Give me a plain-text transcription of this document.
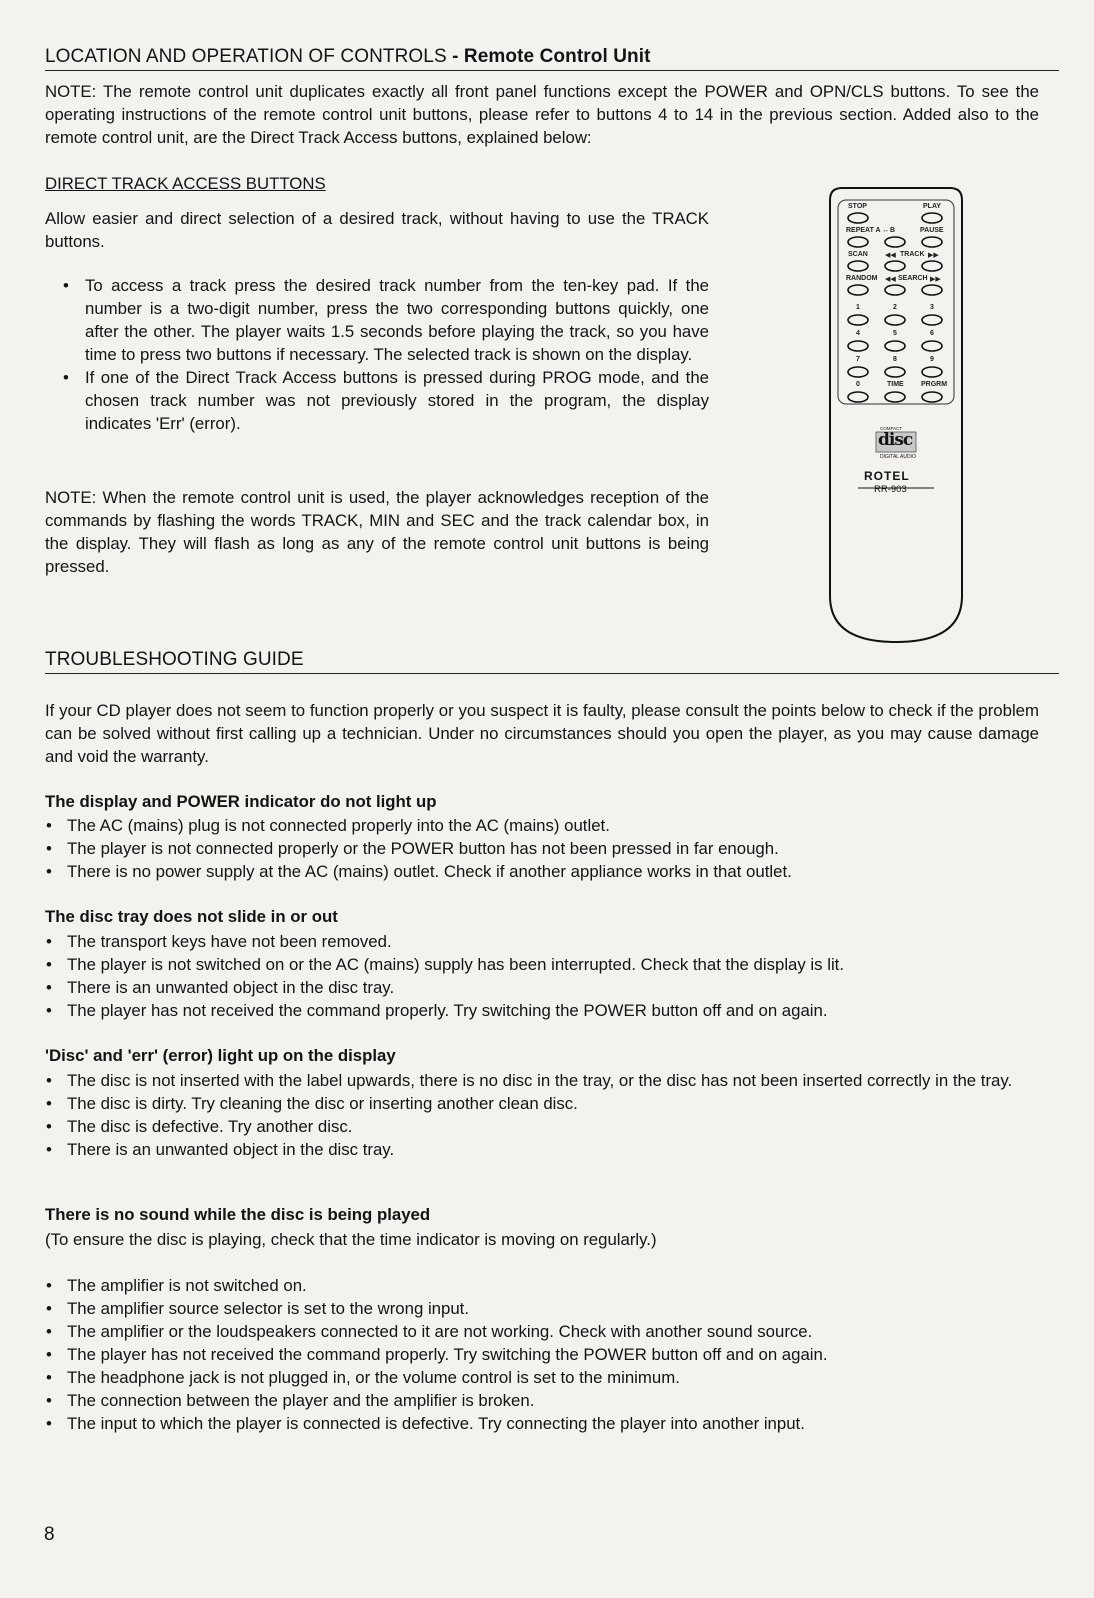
LOCATION AND OPERATION OF CONTROLS - Remote Control Unit
NOTE: The remote control unit duplicates exactly all front panel functions except the POWER and OPN/CLS buttons. To see the operating instructions of the remote control unit buttons, please refer to buttons 4 to 14 in the previous section. Added also to the remote control unit, are the Direct Track Access buttons, explained below:
DIRECT TRACK ACCESS BUTTONS
Allow easier and direct selection of a desired track, without having to use the TRACK buttons.
• To access a track press the desired track number from the ten-key pad. If the number is a two-digit number, press the two corresponding buttons quickly, one after the other. The player waits 1.5 seconds before playing the track, so you have time to press two buttons if necessary. The selected track is shown on the display.
• If one of the Direct Track Access buttons is pressed during PROG mode, and the chosen track number was not previously stored in the program, the display indicates 'Err' (error).
NOTE: When the remote control unit is used, the player acknowledges reception of the commands by flashing the words TRACK, MIN and SEC and the track calendar box, in the display. They will flash as long as any of the remote control unit buttons is being pressed.
STOP	PLAY
REPEAT A ↔ B	PAUSE
SCAN ◀◀ TRACK ▶▶
RANDOM ◀◀ SEARCH ▶▶
1	2	3
4	5	6
7	8	9
0	TIME PRGRM
COMPACT
disc
DIGITAL AUDIO
ROTEL
RR-903
TROUBLESHOOTING GUIDE
If your CD player does not seem to function properly or you suspect it is faulty, please consult the points below to check if the problem can be solved without first calling up a technician. Under no circumstances should you open the player, as you may cause damage and void the warranty.
The display and POWER indicator do not light up
• The AC (mains) plug is not connected properly into the AC (mains) outlet.
• The player is not connected properly or the POWER button has not been pressed in far enough.
• There is no power supply at the AC (mains) outlet. Check if another appliance works in that outlet.
The disc tray does not slide in or out
• The transport keys have not been removed.
• The player is not switched on or the AC (mains) supply has been interrupted. Check that the display is lit.
• There is an unwanted object in the disc tray.
• The player has not received the command properly. Try switching the POWER button off and on again.
'Disc' and 'err' (error) light up on the display
• The disc is not inserted with the label upwards, there is no disc in the tray, or the disc has not been inserted correctly in the tray.
• The disc is dirty. Try cleaning the disc or inserting another clean disc.
• The disc is defective. Try another disc.
• There is an unwanted object in the disc tray.
There is no sound while the disc is being played
(To ensure the disc is playing, check that the time indicator is moving on regularly.)
• The amplifier is not switched on.
• The amplifier source selector is set to the wrong input.
• The amplifier or the loudspeakers connected to it are not working. Check with another sound source.
• The player has not received the command properly. Try switching the POWER button off and on again.
• The headphone jack is not plugged in, or the volume control is set to the minimum.
• The connection between the player and the amplifier is broken.
• The input to which the player is connected is defective. Try connecting the player into another input.
8
